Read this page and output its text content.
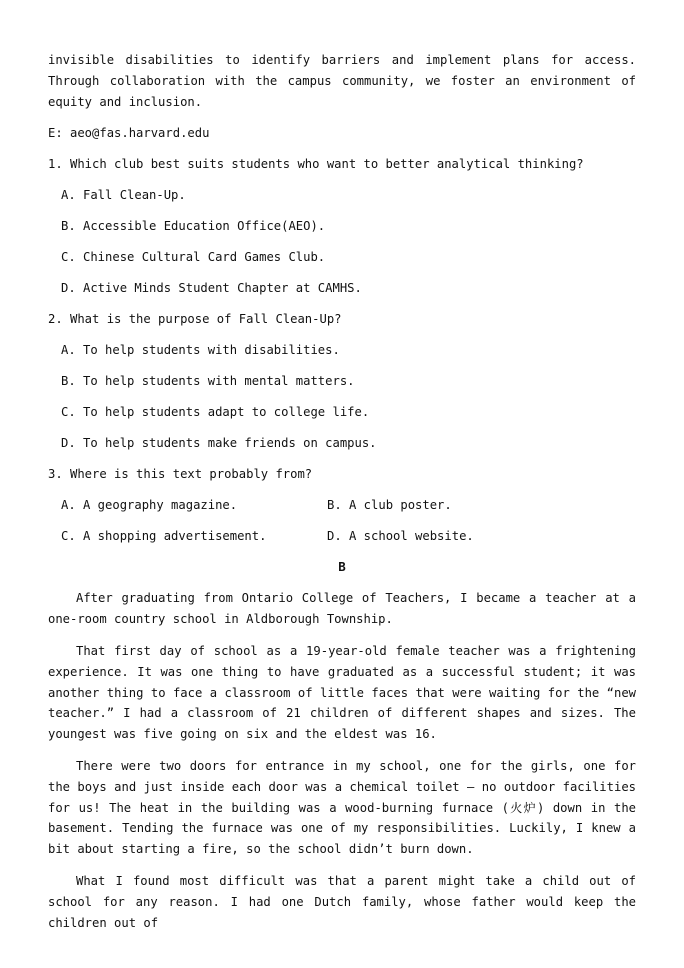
invisible disabilities to identify barriers and implement plans for access. Through collaboration with the campus community, we foster an environment of equity and inclusion.

E: aeo@fas.harvard.edu

1. Which club best suits students who want to better analytical thinking?

A. Fall Clean-Up.

B. Accessible Education Office(AEO).

C. Chinese Cultural Card Games Club.

D. Active Minds Student Chapter at CAMHS.

2. What is the purpose of Fall Clean-Up?

A. To help students with disabilities.

B. To help students with mental matters.

C. To help students adapt to college life.

D. To help students make friends on campus.

3. Where is this text probably from?

A. A geography magazine.	B. A club poster.

C. A shopping advertisement.	D. A school website.

B

After graduating from Ontario College of Teachers, I became a teacher at a one-room country school in Aldborough Township.

That first day of school as a 19-year-old female teacher was a frightening experience. It was one thing to have graduated as a successful student; it was another thing to face a classroom of little faces that were waiting for the “new teacher.” I had a classroom of 21 children of different shapes and sizes. The youngest was five going on six and the eldest was 16.

There were two doors for entrance in my school, one for the girls, one for the boys and just inside each door was a chemical toilet — no outdoor facilities for us! The heat in the building was a wood-burning furnace (火炉) down in the basement. Tending the furnace was one of my responsibilities. Luckily, I knew a bit about starting a fire, so the school didn’t burn down.

What I found most difficult was that a parent might take a child out of school for any reason. I had one Dutch family, whose father would keep the children out of
